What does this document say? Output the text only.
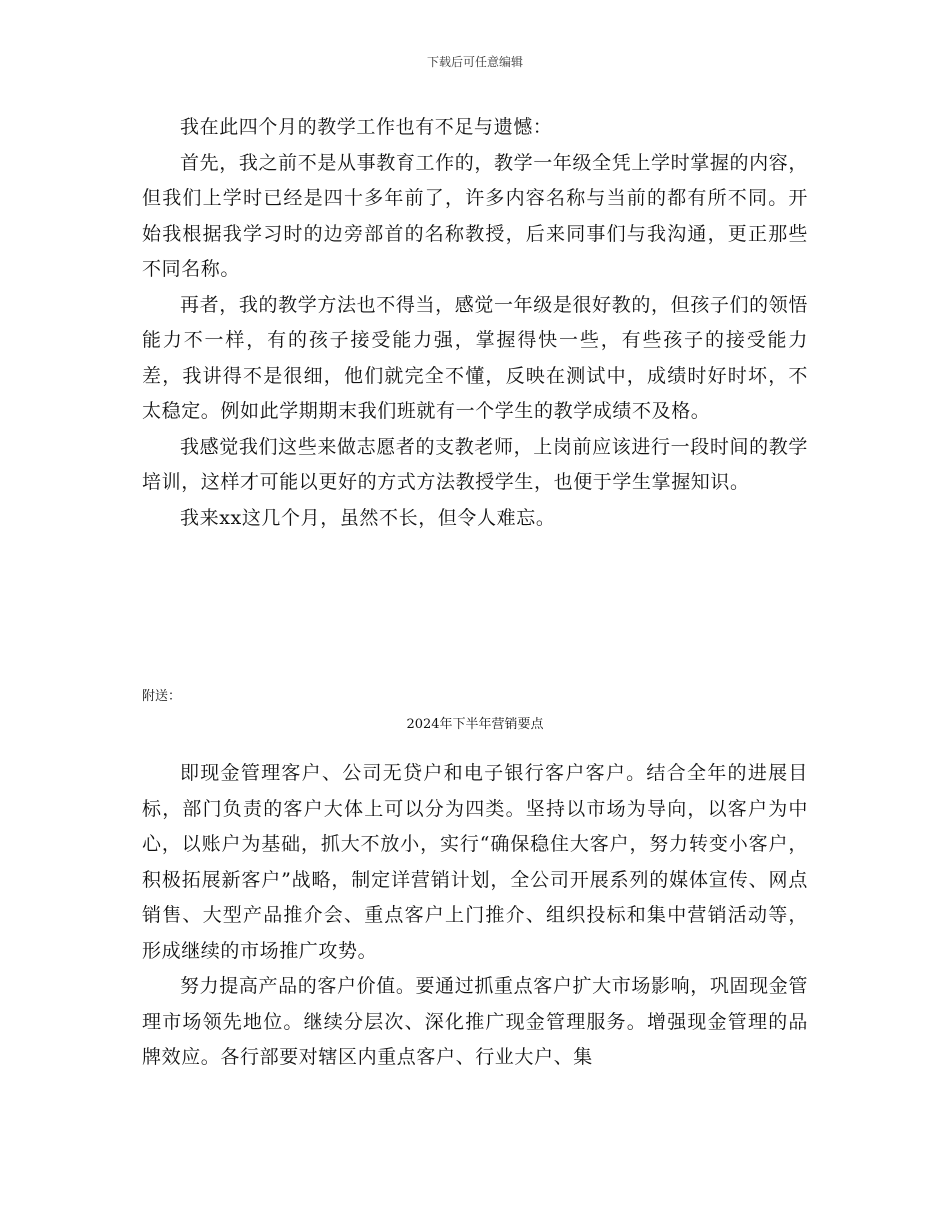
下载后可任意编辑

我在此四个月的教学工作也有不足与遗憾：

首先，我之前不是从事教育工作的，教学一年级全凭上学时掌握的内容，但我们上学时已经是四十多年前了，许多内容名称与当前的都有所不同。开始我根据我学习时的边旁部首的名称教授，后来同事们与我沟通，更正那些不同名称。

再者，我的教学方法也不得当，感觉一年级是很好教的，但孩子们的领悟能力不一样，有的孩子接受能力强，掌握得快一些，有些孩子的接受能力差，我讲得不是很细，他们就完全不懂，反映在测试中，成绩时好时坏，不太稳定。例如此学期期末我们班就有一个学生的教学成绩不及格。

我感觉我们这些来做志愿者的支教老师，上岗前应该进行一段时间的教学培训，这样才可能以更好的方式方法教授学生，也便于学生掌握知识。

我来xx这几个月，虽然不长，但令人难忘。

附送：
2024年下半年营销要点

即现金管理客户、公司无贷户和电子银行客户客户。结合全年的进展目标，部门负责的客户大体上可以分为四类。坚持以市场为导向，以客户为中心，以账户为基础，抓大不放小，实行“确保稳住大客户，努力转变小客户，积极拓展新客户”战略，制定详营销计划，全公司开展系列的媒体宣传、网点销售、大型产品推介会、重点客户上门推介、组织投标和集中营销活动等，形成继续的市场推广攻势。

努力提高产品的客户价值。要通过抓重点客户扩大市场影响，巩固现金管理市场领先地位。继续分层次、深化推广现金管理服务。增强现金管理的品牌效应。各行部要对辖区内重点客户、行业大户、集
